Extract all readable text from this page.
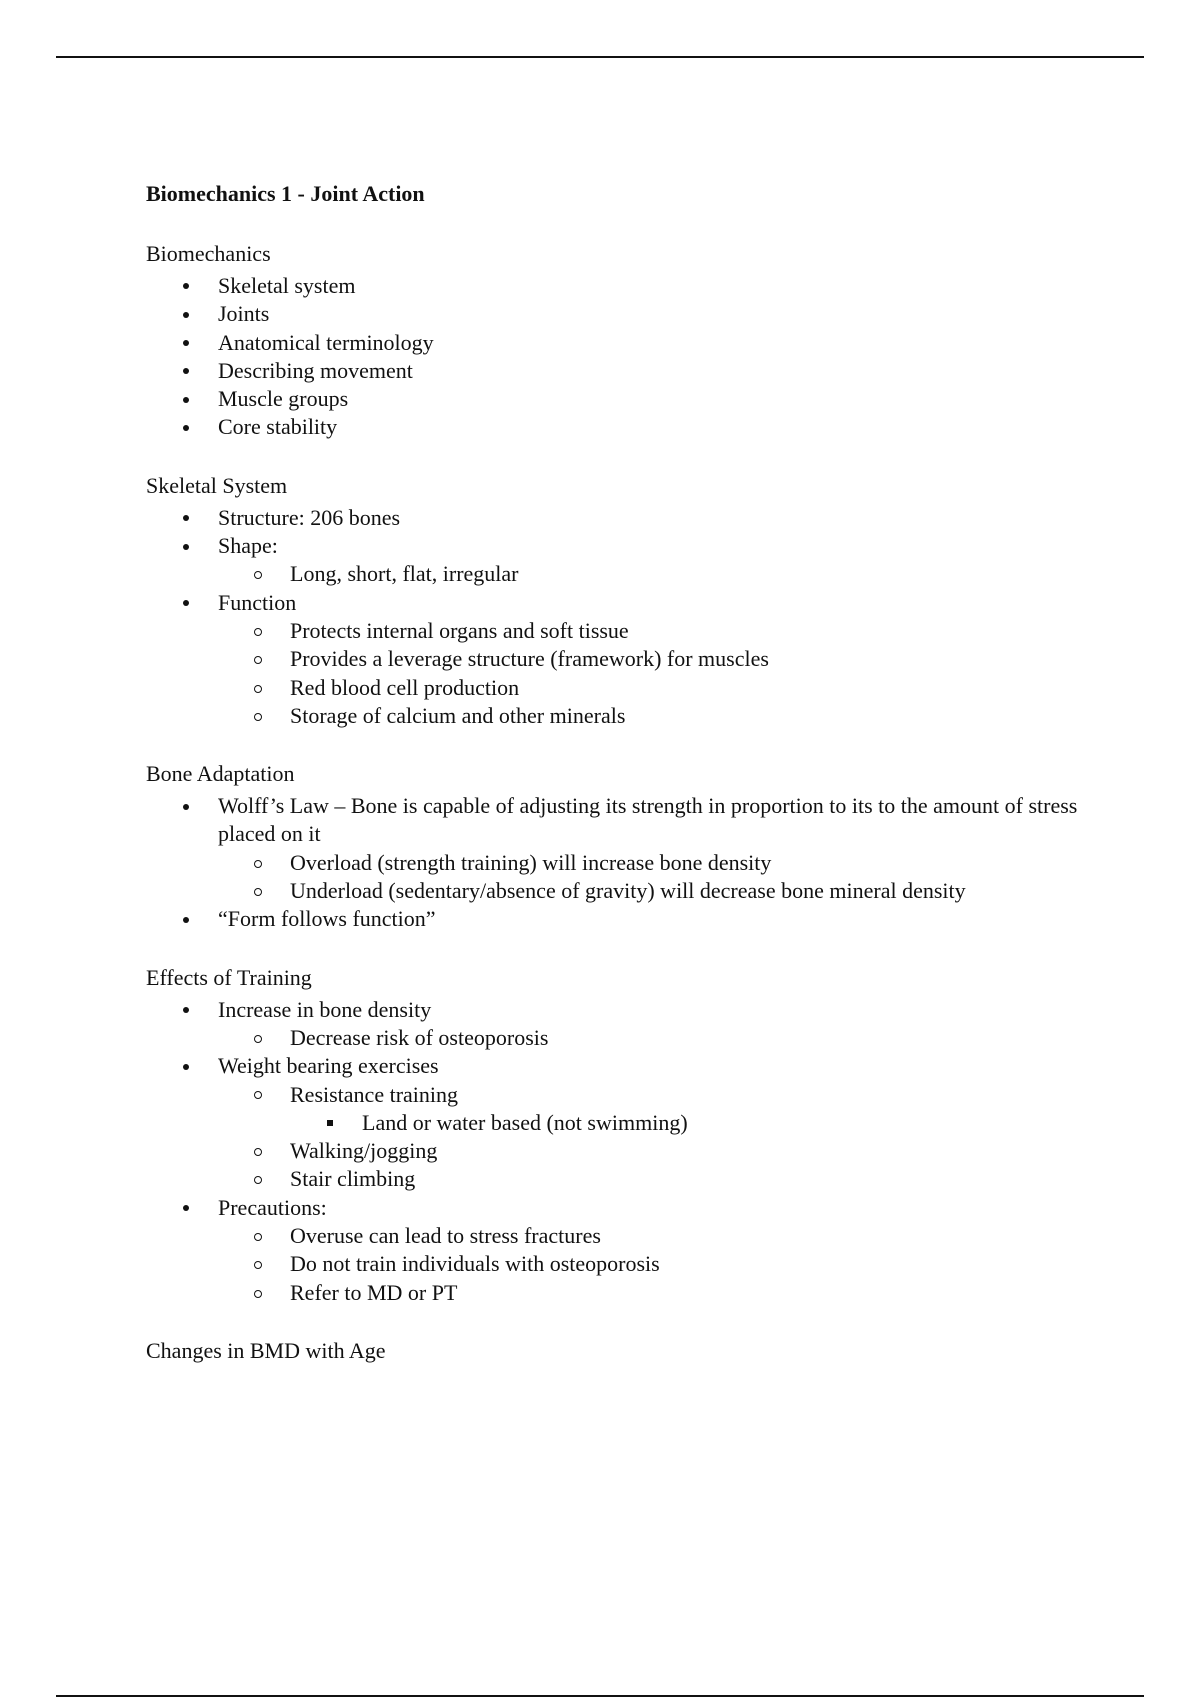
Biomechanics 1 - Joint Action
Biomechanics
Skeletal system
Joints
Anatomical terminology
Describing movement
Muscle groups
Core stability
Skeletal System
Structure: 206 bones
Shape:
Long, short, flat, irregular
Function
Protects internal organs and soft tissue
Provides a leverage structure (framework) for muscles
Red blood cell production
Storage of calcium and other minerals
Bone Adaptation
Wolff’s Law – Bone is capable of adjusting its strength in proportion to its to the amount of stress placed on it
Overload (strength training) will increase bone density
Underload (sedentary/absence of gravity) will decrease bone mineral density
“Form follows function”
Effects of Training
Increase in bone density
Decrease risk of osteoporosis
Weight bearing exercises
Resistance training
Land or water based (not swimming)
Walking/jogging
Stair climbing
Precautions:
Overuse can lead to stress fractures
Do not train individuals with osteoporosis
Refer to MD or PT
Changes in BMD with Age
